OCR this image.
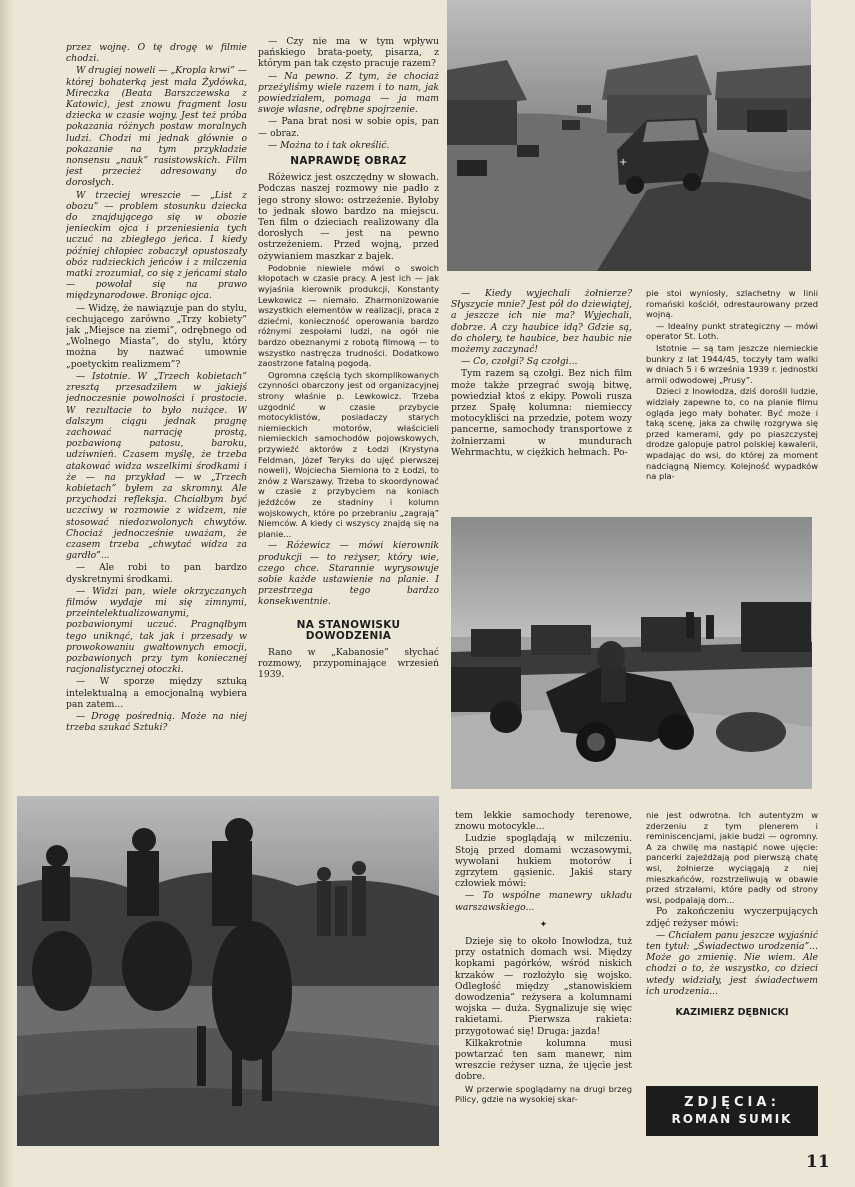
przez wojnę. O tę drogę w filmie chodzi.

W drugiej noweli — „Kropla krwi” — której bohaterką jest mała Żydówka, Mireczka (Beata Barszczewska z Katowic), jest znowu fragment losu dziecka w czasie wojny. Jest też próba pokazania różnych postaw moralnych ludzi. Chodzi mi jednak głównie o pokazanie na tym przykładzie nonsensu „nauk” rasistowskich. Film jest przecież adresowany do dorosłych.

W trzeciej wreszcie — „List z obozu” — problem stosunku dziecka do znajdującego się w obozie jenieckim ojca i przeniesienia tych uczuć na zbiegłego jeńca. I kiedy później chłopiec zobaczył opustoszały obóz radzieckich jeńców i z milczenia matki zrozumiał, co się z jeńcami stało — powołał się na prawo międzynarodowe. Broniąc ojca.

— Widzę, że nawiązuje pan do stylu, cechującego zarówno „Trzy kobiety” jak „Miejsce na ziemi”, odrębnego od „Wolnego Miasta”, do stylu, który można by nazwać umownie „poetyckim realizmem”?

— Istotnie. W „Trzech kobietach” zresztą przesadziłem w jakiejś jednoczesnie powolności i prostocie. W rezultacie to było nużące. W dalszym ciągu jednak pragnę zachować narrację prostą, pozbawioną patosu, baroku, udziwnień. Czasem myślę, że trzeba atakować widza wszelkimi środkami i że — na przykład — w „Trzech kobietach” byłem za skromny. Ale przychodzi refleksja. Chciałbym być uczciwy w rozmowie z widzem, nie stosować niedozwolonych chwytów. Chociaż jednocześnie uważam, że czasem trzeba „chwytać widza za gardło”...

— Ale robi to pan bardzo dyskretnymi środkami.

— Widzi pan, wiele okrzyczanych filmów wydaje mi się zimnymi, przeintelektualizowanymi, pozbawionymi uczuć. Pragnąłbym tego uniknąć, tak jak i przesady w prowokowaniu gwałtownych emocji, pozbawionych przy tym koniecznej racjonalistycznej otoczki.

— W sporze między sztuką intelektualną a emocjonalną wybiera pan zatem...

— Drogę pośrednią. Może na niej trzeba szukać Sztuki?

— Czy nie ma w tym wpływu pańskiego brata-poety, pisarza, z którym pan tak często pracuje razem?

— Na pewno. Z tym, że chociaż przeżyliśmy wiele razem i to nam, jak powiedziałem, pomaga — ja mam swoje własne, odrębne spojrzenie.

— Pana brat nosi w sobie opis, pan — obraz.

— Można to i tak określić.

NAPRAWDĘ OBRAZ

Różewicz jest oszczędny w słowach. Podczas naszej rozmowy nie padło z jego strony słowo: ostrzeżenie. Byłoby to jednak słowo bardzo na miejscu. Ten film o dzieciach realizowany dla dorosłych — jest na pewno ostrzeżeniem. Przed wojną, przed ożywianiem maszkar z bajek.

Podobnie niewiele mówi o swoich kłopotach w czasie pracy. A jest ich — jak wyjaśnia kierownik produkcji, Konstanty Lewkowicz — niemało. Zharmonizowanie wszystkich elementów w realizacji, praca z dziećmi, konieczność operowania bardzo różnymi zespołami ludzi, na ogół nie bardzo obeznanymi z robotą filmową — to wszystko nastręcza trudności. Dodatkowo zaostrzone fatalną pogodą.

Ogromna częścią tych skomplikowanych czynności obarczony jest od organizacyjnej strony właśnie p. Lewkowicz. Trzeba uzgodnić w czasie przybycie motocyklistów, posiadaczy starych niemieckich motorów, właścicieli niemieckich samochodów pojowskowych, przywieźć aktorów z Łodzi (Krystyna Feldman, Józef Teryks do ujęć pierwszej noweli), Wojciecha Siemiona to z Łodzi, to znów z Warszawy. Trzeba to skoordynować w czasie z przybyciem na koniach jeźdźców ze stadniny i kolumn wojskowych, które po przebraniu „zagrają” Niemców. A kiedy ci wszyscy znajdą się na planie...

— Różewicz — mówi kierownik produkcji — to reżyser, który wie, czego chce. Starannie wyrysowuje sobie każde ustawienie na planie. I przestrzega tego bardzo konsekwentnie.

NA STANOWISKU DOWODZENIA

Rano w „Kabanosie” słychać rozmowy, przypominające wrzesień 1939.

+

— Kiedy wyjechali żołnierze? Słyszycie mnie? Jest pół do dziewiątej, a jeszcze ich nie ma? Wyjechali, dobrze. A czy haubice idą? Gdzie są, do cholery, te haubice, bez haubic nie możemy zaczynać!

— Co, czołgi? Są czołgi...

Tym razem są czołgi. Bez nich film może także przegrać swoją bitwę, powiedział ktoś z ekipy. Powoli rusza przez Spałę kolumna: niemieccy motocykliści na przedzie, potem wozy pancerne, samochody transportowe z żołnierzami w mundurach Wehrmachtu, w ciężkich hełmach. Po-

pie stoi wyniosły, szlachetny w linii romański kościół, odrestaurowany przed wojną.

— Idealny punkt strategiczny — mówi operator St. Loth.

Istotnie — są tam jeszcze niemieckie bunkry z lat 1944/45, toczyły tam walki w dniach 5 i 6 września 1939 r. jednostki armii odwodowej „Prusy”.

Dzieci z Inowłodza, dziś dorośli ludzie, widziały zapewne to, co na planie filmu ogląda jego mały bohater. Być może i taką scenę, jaka za chwilę rozgrywa się przed kamerami, gdy po piaszczystej drodze galopuje patrol polskiej kawalerii, wpadając do wsi, do której za moment nadciągną Niemcy. Kolejność wypadków na pla-

tem lekkie samochody terenowe, znowu motocykle...

Ludzie spoglądają w milczeniu. Stoją przed domami wczasowymi, wywołani hukiem motorów i zgrzytem gąsienic. Jakiś stary człowiek mówi:

— To wspólne manewry układu warszawskiego...

✦

Dzieje się to około Inowłodza, tuż przy ostatnich domach wsi. Między kopkami pagórków, wśród niskich krzaków — rozłożyło się wojsko. Odległość między „stanowiskiem dowodzenia” reżysera a kolumnami wojska — duża. Sygnalizuje się więc rakietami. Pierwsza rakieta: przygotować się! Druga: jazda!

Kilkakrotnie kolumna musi powtarzać ten sam manewr, nim wreszcie reżyser uzna, że ujęcie jest dobre.

W przerwie spoglądamy na drugi brzeg Pilicy, gdzie na wysokiej skar-

nie jest odwrotna. Ich autentyzm w zderzeniu z tym plenerem i reminiscencjami, jakie budzi — ogromny. A za chwilę ma nastąpić nowe ujęcie: pancerki zajeżdżają pod pierwszą chatę wsi, żołnierze wyciągają z niej mieszkańców, rozstrzeliwują w obawie przed strzałami, które padły od strony wsi, podpalają dom...

Po zakończeniu wyczerpujących zdjęć reżyser mówi:

— Chciałem panu jeszcze wyjaśnić ten tytuł: „Świadectwo urodzenia”... Może go zmienię. Nie wiem. Ale chodzi o to, że wszystko, co dzieci wtedy widziały, jest świadectwem ich urodzenia...

KAZIMIERZ DĘBNICKI

ZDJĘCIA:
ROMAN SUMIK
11
